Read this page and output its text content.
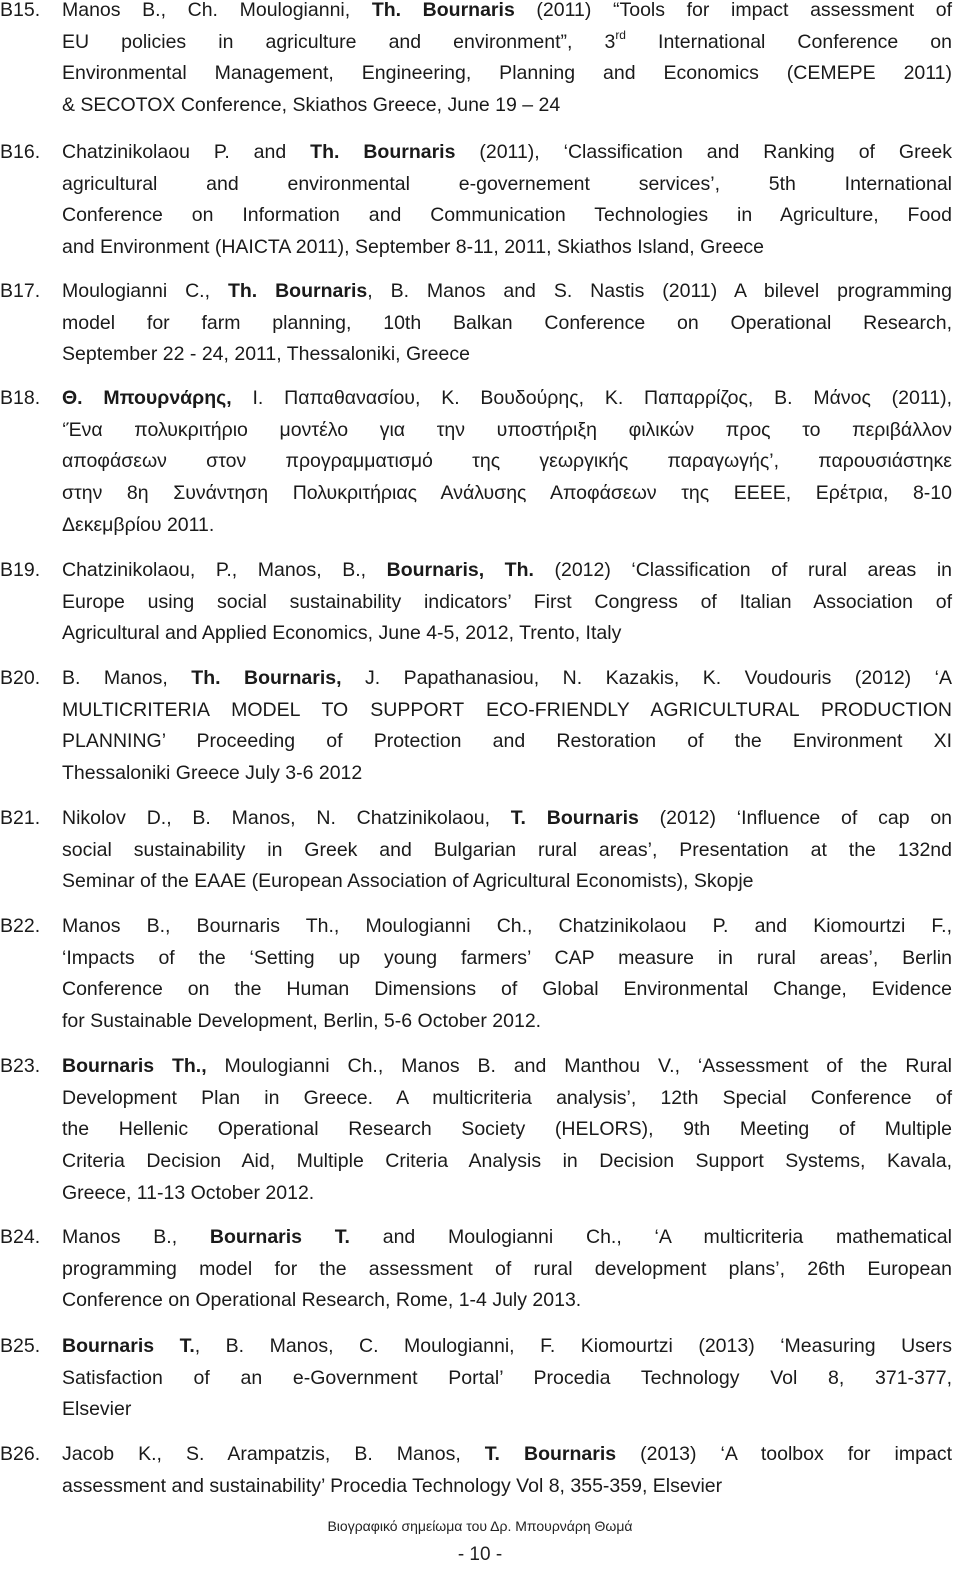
B15.	Manos B., Ch. Moulogianni, Th. Bournaris (2011) “Tools for impact assessment of
EU policies in agriculture and environment”, 3rd International Conference on
Environmental Management, Engineering, Planning and Economics (CEMEPE 2011)
& SECOTOX Conference, Skiathos Greece, June 19 – 24
B16.	Chatzinikolaou P. and Th. Bournaris (2011), ‘Classification and Ranking of Greek
agricultural and environmental e-governement services’, 5th International
Conference on Information and Communication Technologies in Agriculture, Food
and Environment (HAICTA 2011), September 8-11, 2011, Skiathos Island, Greece
B17.	Moulogianni C., Th. Bournaris, B. Manos and S. Nastis (2011) A bilevel programming
model for farm planning, 10th Balkan Conference on Operational Research,
September 22 - 24, 2011, Thessaloniki, Greece
B18.	Θ. Μπουρνάρης, Ι. Παπαθανασίου, Κ. Βουδούρης, Κ. Παπαρρίζος, Β. Μάνος (2011),
‘Ένα πολυκριτήριο μοντέλο για την υποστήριξη φιλικών προς το περιβάλλον
αποφάσεων στον προγραμματισμό της γεωργικής παραγωγής’, παρουσιάστηκε
στην 8η Συνάντηση Πολυκριτήριας Ανάλυσης Αποφάσεων της ΕΕΕΕ, Ερέτρια, 8-10
Δεκεμβρίου 2011.
B19.	Chatzinikolaou, P., Manos, B., Bournaris, Th. (2012) ‘Classification of rural areas in
Europe using social sustainability indicators’ First Congress of Italian Association of
Agricultural and Applied Economics, June 4-5, 2012, Trento, Italy
B20.	B. Manos, Th. Bournaris, J. Papathanasiou, N. Kazakis, K. Voudouris (2012) ‘A
MULTICRITERIA MODEL TO SUPPORT ECO-FRIENDLY AGRICULTURAL PRODUCTION
PLANNING’ Proceeding of Protection and Restoration of the Environment XI
Thessaloniki Greece July 3-6 2012
B21.	Nikolov D., B. Manos, N. Chatzinikolaou, T. Bournaris (2012) ‘Influence of cap on
social sustainability in Greek and Bulgarian rural areas’, Presentation at the 132nd
Seminar of the EAAE (European Association of Agricultural Economists), Skopje
B22.	Manos B., Bournaris Th., Moulogianni Ch., Chatzinikolaou P. and Kiomourtzi F.,
‘Impacts of the ‘Setting up young farmers’ CAP measure in rural areas’, Berlin
Conference on the Human Dimensions of Global Environmental Change, Evidence
for Sustainable Development, Berlin, 5-6 October 2012.
B23.	Bournaris Th., Moulogianni Ch., Manos B. and Manthou V., ‘Assessment of the Rural
Development Plan in Greece. A multicriteria analysis’, 12th Special Conference of
the Hellenic Operational Research Society (HELORS), 9th Meeting of Multiple
Criteria Decision Aid, Multiple Criteria Analysis in Decision Support Systems, Kavala,
Greece, 11-13 October 2012.
B24.	Manos B., Bournaris T. and Moulogianni Ch., ‘A multicriteria mathematical
programming model for the assessment of rural development plans’, 26th European
Conference on Operational Research, Rome, 1-4 July 2013.
B25.	Bournaris T., B. Manos, C. Moulogianni, F. Kiomourtzi (2013) ‘Measuring Users
Satisfaction of an e-Government Portal’ Procedia Technology Vol 8, 371-377,
Elsevier
B26.	Jacob K., S. Arampatzis, B. Manos, T. Bournaris (2013) ‘A toolbox for impact
assessment and sustainability’ Procedia Technology Vol 8, 355-359, Elsevier
Βιογραφικό σημείωμα του Δρ. Μπουρνάρη Θωμά
- 10 -
